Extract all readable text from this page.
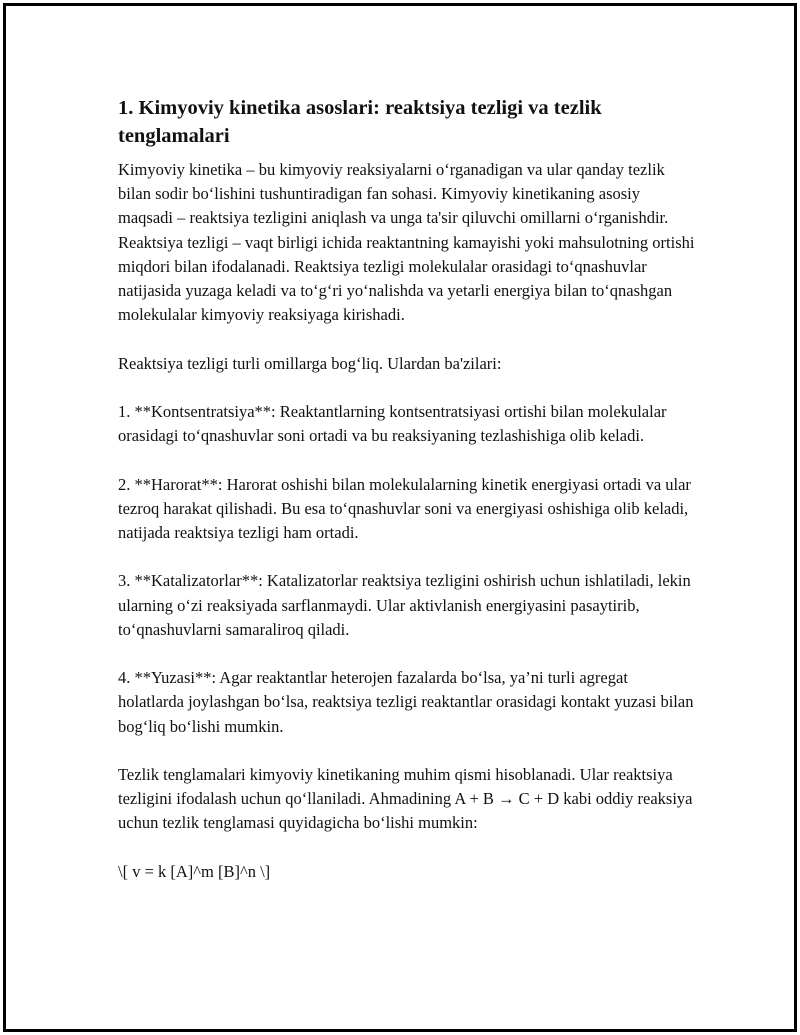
1. Kimyoviy kinetika asoslari: reaktsiya tezligi va tezlik tenglamalari

Kimyoviy kinetika – bu kimyoviy reaksiyalarni o‘rganadigan va ular qanday tezlik bilan sodir bo‘lishini tushuntiradigan fan sohasi. Kimyoviy kinetikaning asosiy maqsadi – reaktsiya tezligini aniqlash va unga ta'sir qiluvchi omillarni o‘rganishdir. Reaktsiya tezligi – vaqt birligi ichida reaktantning kamayishi yoki mahsulotning ortishi miqdori bilan ifodalanadi. Reaktsiya tezligi molekulalar orasidagi to‘qnashuvlar natijasida yuzaga keladi va to‘g‘ri yo‘nalishda va yetarli energiya bilan to‘qnashgan molekulalar kimyoviy reaksiyaga kirishadi.

Reaktsiya tezligi turli omillarga bog‘liq. Ulardan ba'zilari:

1. **Kontsentratsiya**: Reaktantlarning kontsentratsiyasi ortishi bilan molekulalar orasidagi to‘qnashuvlar soni ortadi va bu reaksiyaning tezlashishiga olib keladi.

2. **Harorat**: Harorat oshishi bilan molekulalarning kinetik energiyasi ortadi va ular tezroq harakat qilishadi. Bu esa to‘qnashuvlar soni va energiyasi oshishiga olib keladi, natijada reaktsiya tezligi ham ortadi.

3. **Katalizatorlar**: Katalizatorlar reaktsiya tezligini oshirish uchun ishlatiladi, lekin ularning o‘zi reaksiyada sarflanmaydi. Ular aktivlanish energiyasini pasaytirib, to‘qnashuvlarni samaraliroq qiladi.

4. **Yuzasi**: Agar reaktantlar heterojen fazalarda bo‘lsa, ya’ni turli agregat holatlarda joylashgan bo‘lsa, reaktsiya tezligi reaktantlar orasidagi kontakt yuzasi bilan bog‘liq bo‘lishi mumkin.

Tezlik tenglamalari kimyoviy kinetikaning muhim qismi hisoblanadi. Ular reaktsiya tezligini ifodalash uchun qo‘llaniladi. Ahmadining A + B → C + D kabi oddiy reaksiya uchun tezlik tenglamasi quyidagicha bo‘lishi mumkin:

\[ v = k [A]^m [B]^n \]
